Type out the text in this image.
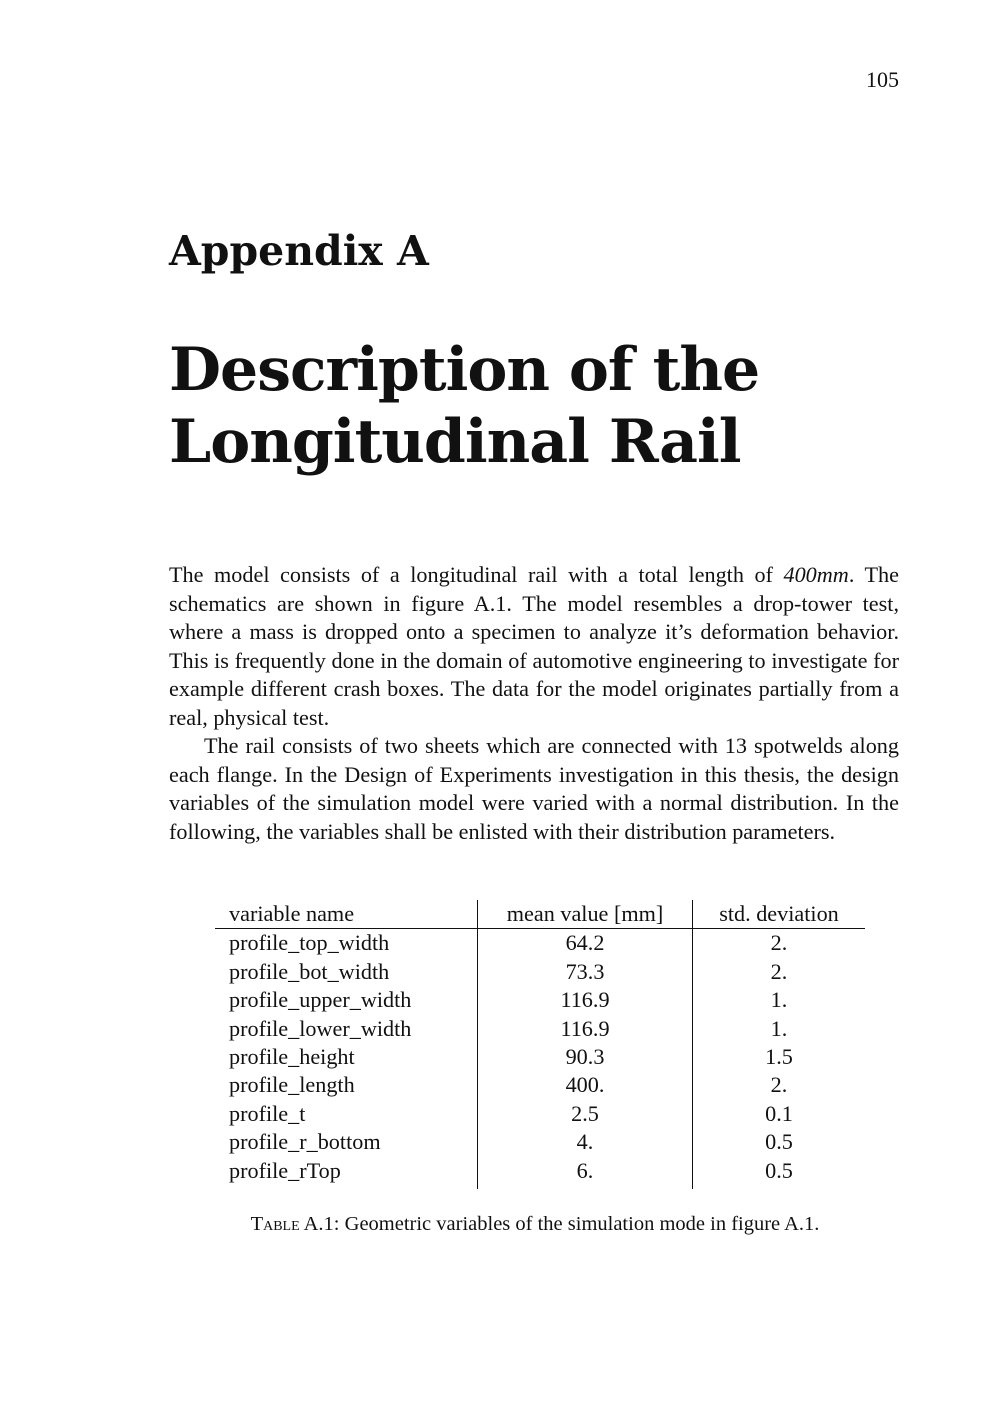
105
Appendix A
Description of the
Longitudinal Rail

The model consists of a longitudinal rail with a total length of 400mm. The schematics are shown in figure A.1. The model resembles a drop-tower test, where a mass is dropped onto a specimen to analyze it’s deformation behavior. This is frequently done in the domain of automotive engineering to investigate for example different crash boxes. The data for the model originates partially from a real, physical test.

The rail consists of two sheets which are connected with 13 spotwelds along each flange. In the Design of Experiments investigation in this thesis, the design variables of the simulation model were varied with a normal distribution. In the following, the variables shall be enlisted with their distribution parameters.

variable name	mean value [mm]	std. deviation
profile_top_width	64.2	2.
profile_bot_width	73.3	2.
profile_upper_width	116.9	1.
profile_lower_width	116.9	1.
profile_height	90.3	1.5
profile_length	400.	2.
profile_t	2.5	0.1
profile_r_bottom	4.	0.5
profile_rTop	6.	0.5
Table A.1: Geometric variables of the simulation mode in figure A.1.
